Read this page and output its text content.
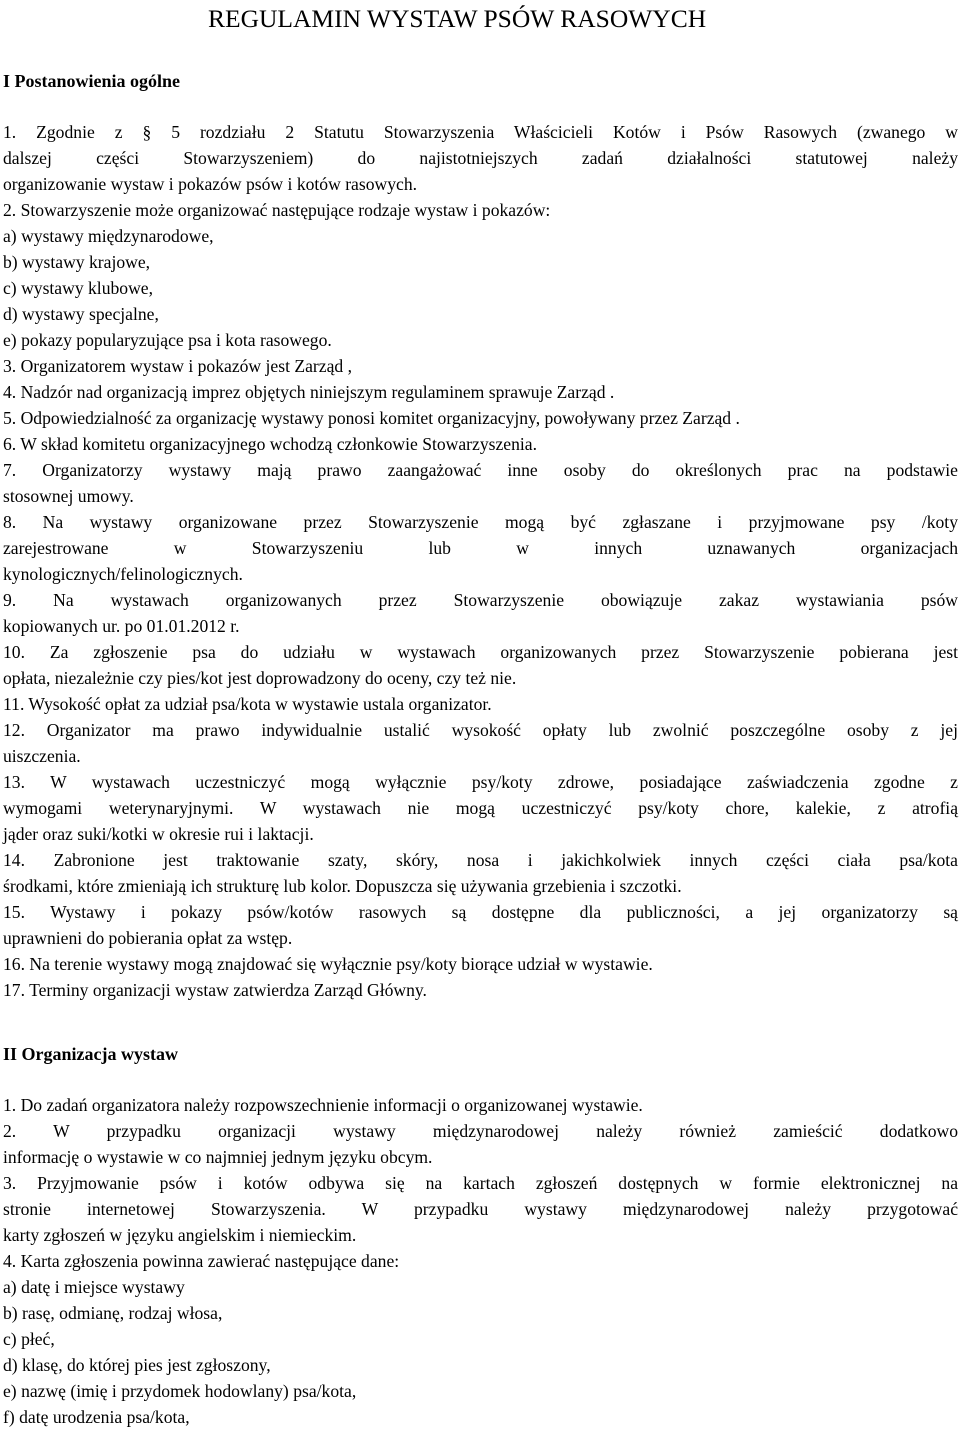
REGULAMIN WYSTAW PSÓW RASOWYCH
I Postanowienia ogólne
1. Zgodnie z § 5 rozdziału 2 Statutu Stowarzyszenia Właścicieli Kotów i Psów Rasowych (zwanego w
dalszej części Stowarzyszeniem) do najistotniejszych zadań działalności statutowej należy
organizowanie wystaw i pokazów psów i kotów rasowych.
2. Stowarzyszenie może organizować następujące rodzaje wystaw i pokazów:
a) wystawy międzynarodowe,
b) wystawy krajowe,
c) wystawy klubowe,
d) wystawy specjalne,
e) pokazy popularyzujące psa i kota rasowego.
3. Organizatorem wystaw i pokazów jest Zarząd ,
4. Nadzór nad organizacją imprez objętych niniejszym regulaminem sprawuje Zarząd .
5. Odpowiedzialność za organizację wystawy ponosi komitet organizacyjny, powoływany przez Zarząd .
6. W skład komitetu organizacyjnego wchodzą członkowie Stowarzyszenia.
7. Organizatorzy wystawy mają prawo zaangażować inne osoby do określonych prac na podstawie
stosownej umowy.
8. Na wystawy organizowane przez Stowarzyszenie mogą być zgłaszane i przyjmowane psy /koty
zarejestrowane w Stowarzyszeniu lub w innych uznawanych organizacjach
kynologicznych/felinologicznych.
9. Na wystawach organizowanych przez Stowarzyszenie obowiązuje zakaz wystawiania psów
kopiowanych ur. po 01.01.2012 r.
10. Za zgłoszenie psa do udziału w wystawach organizowanych przez Stowarzyszenie pobierana jest
opłata, niezależnie czy pies/kot jest doprowadzony do oceny, czy też nie.
11. Wysokość opłat za udział psa/kota w wystawie ustala organizator.
12. Organizator ma prawo indywidualnie ustalić wysokość opłaty lub zwolnić poszczególne osoby z jej
uiszczenia.
13. W wystawach uczestniczyć mogą wyłącznie psy/koty zdrowe, posiadające zaświadczenia zgodne z
wymogami weterynaryjnymi. W wystawach nie mogą uczestniczyć psy/koty chore, kalekie, z atrofią
jąder oraz suki/kotki w okresie rui i laktacji.
14. Zabronione jest traktowanie szaty, skóry, nosa i jakichkolwiek innych części ciała psa/kota
środkami, które zmieniają ich strukturę lub kolor. Dopuszcza się używania grzebienia i szczotki.
15. Wystawy i pokazy psów/kotów rasowych są dostępne dla publiczności, a jej organizatorzy są
uprawnieni do pobierania opłat za wstęp.
16. Na terenie wystawy mogą znajdować się wyłącznie psy/koty biorące udział w wystawie.
17. Terminy organizacji wystaw zatwierdza Zarząd Główny.
II Organizacja wystaw
1. Do zadań organizatora należy rozpowszechnienie informacji o organizowanej wystawie.
2. W przypadku organizacji wystawy międzynarodowej należy również zamieścić dodatkowo
informację o wystawie w co najmniej jednym języku obcym.
3. Przyjmowanie psów i kotów odbywa się na kartach zgłoszeń dostępnych w formie elektronicznej na
stronie internetowej Stowarzyszenia. W przypadku wystawy międzynarodowej należy przygotować
karty zgłoszeń w języku angielskim i niemieckim.
4. Karta zgłoszenia powinna zawierać następujące dane:
a) datę i miejsce wystawy
b) rasę, odmianę, rodzaj włosa,
c) płeć,
d) klasę, do której pies jest zgłoszony,
e) nazwę (imię i przydomek hodowlany) psa/kota,
f) datę urodzenia psa/kota,
